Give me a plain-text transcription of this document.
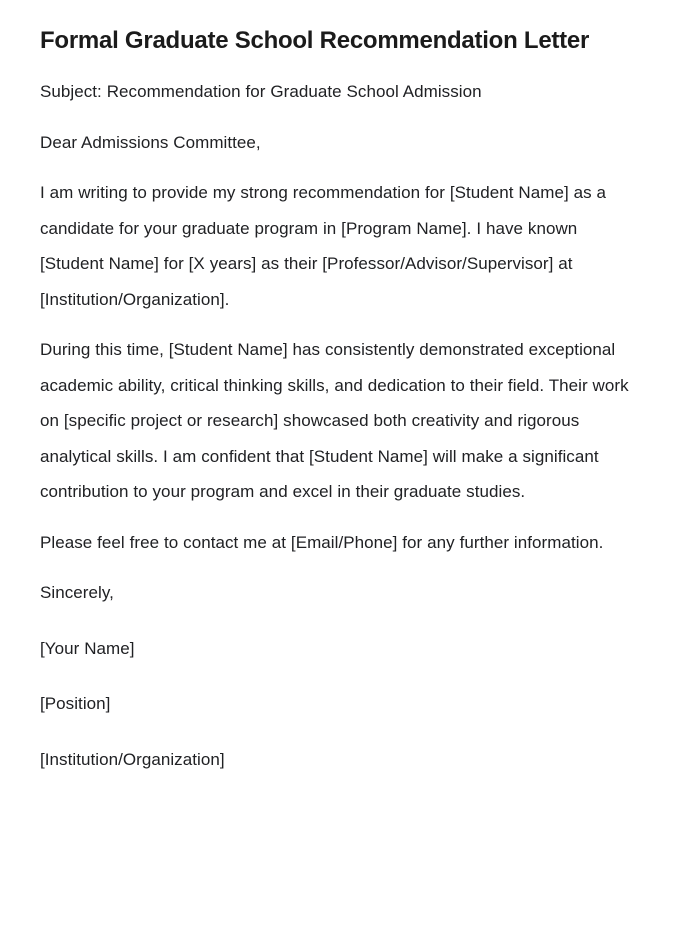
Formal Graduate School Recommendation Letter

Subject: Recommendation for Graduate School Admission

Dear Admissions Committee,

I am writing to provide my strong recommendation for [Student Name] as a candidate for your graduate program in [Program Name]. I have known [Student Name] for [X years] as their [Professor/Advisor/Supervisor] at [Institution/Organization].

During this time, [Student Name] has consistently demonstrated exceptional academic ability, critical thinking skills, and dedication to their field. Their work on [specific project or research] showcased both creativity and rigorous analytical skills. I am confident that [Student Name] will make a significant contribution to your program and excel in their graduate studies.

Please feel free to contact me at [Email/Phone] for any further information.

Sincerely,

[Your Name]

[Position]

[Institution/Organization]
